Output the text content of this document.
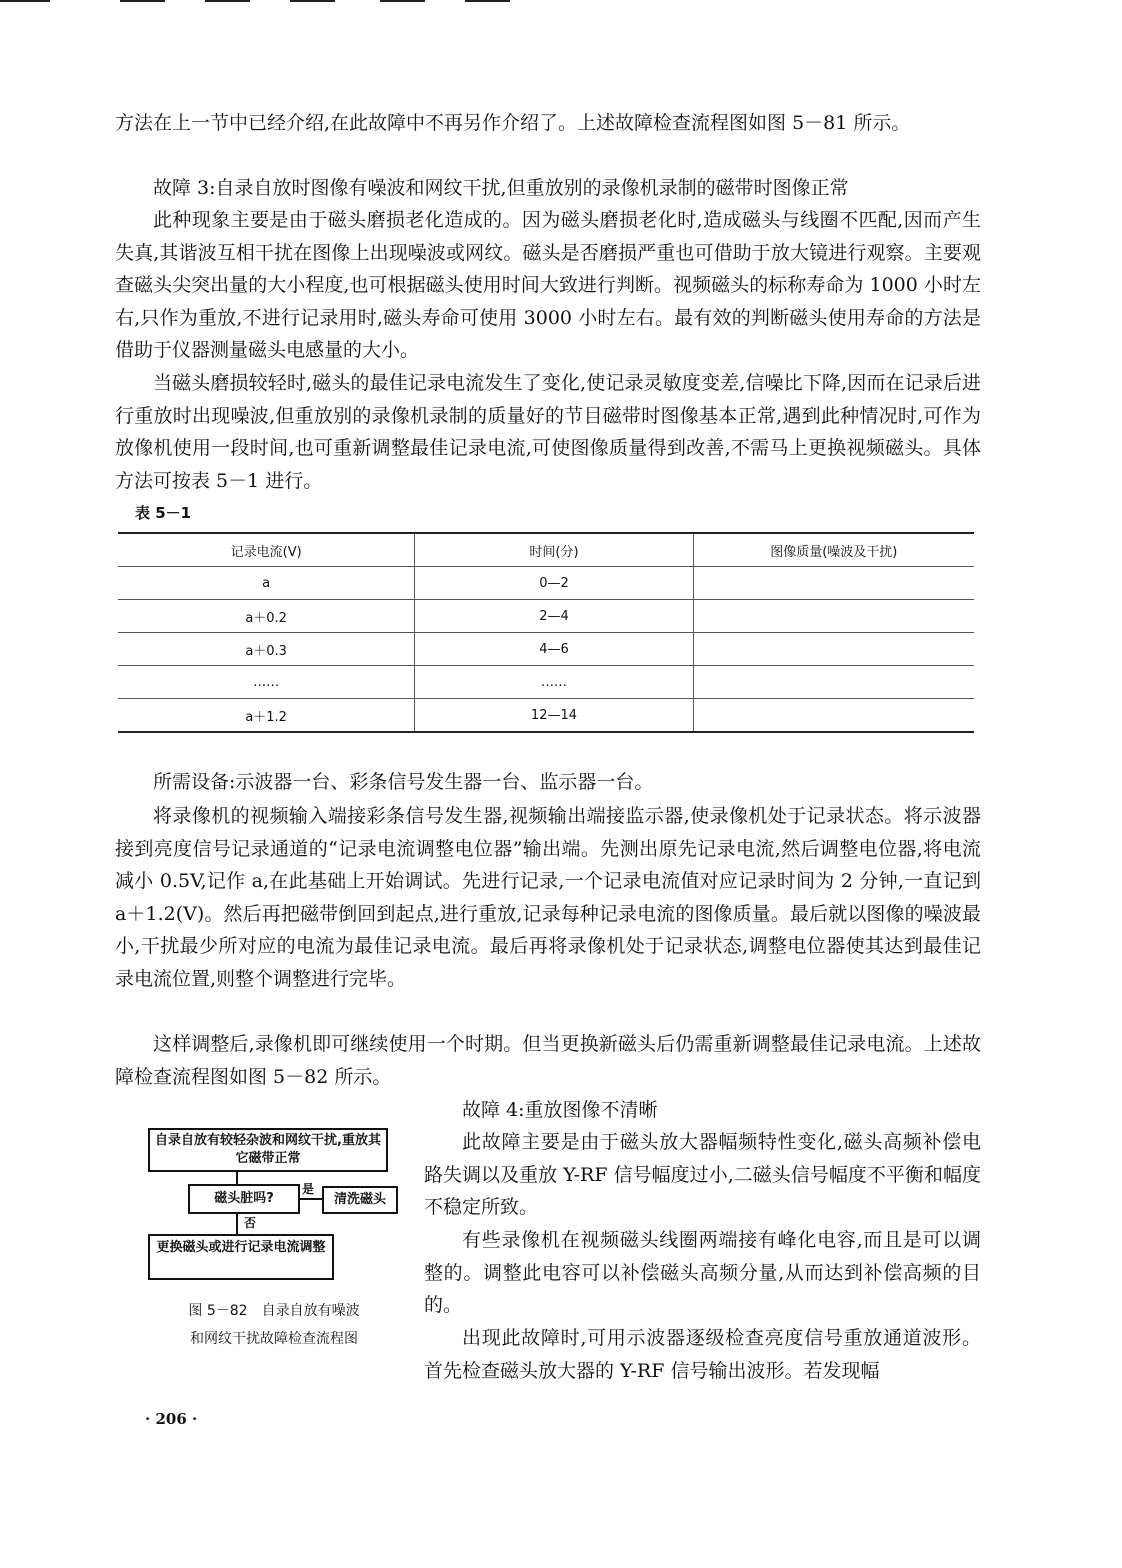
方法在上一节中已经介绍,在此故障中不再另作介绍了。上述故障检查流程图如图 5－81 所示。

故障 3:自录自放时图像有噪波和网纹干扰,但重放别的录像机录制的磁带时图像正常

此种现象主要是由于磁头磨损老化造成的。因为磁头磨损老化时,造成磁头与线圈不匹配,因而产生失真,其谐波互相干扰在图像上出现噪波或网纹。磁头是否磨损严重也可借助于放大镜进行观察。主要观查磁头尖突出量的大小程度,也可根据磁头使用时间大致进行判断。视频磁头的标称寿命为 1000 小时左右,只作为重放,不进行记录用时,磁头寿命可使用 3000 小时左右。最有效的判断磁头使用寿命的方法是借助于仪器测量磁头电感量的大小。

当磁头磨损较轻时,磁头的最佳记录电流发生了变化,使记录灵敏度变差,信噪比下降,因而在记录后进行重放时出现噪波,但重放别的录像机录制的质量好的节目磁带时图像基本正常,遇到此种情况时,可作为放像机使用一段时间,也可重新调整最佳记录电流,可使图像质量得到改善,不需马上更换视频磁头。具体方法可按表 5－1 进行。

表 5－1
记录电流(V)	时间(分)	图像质量(噪波及干扰)
a	0—2	
a＋0.2	2—4	
a＋0.3	4—6	
……	……	
a＋1.2	12—14	

所需设备:示波器一台、彩条信号发生器一台、监示器一台。

将录像机的视频输入端接彩条信号发生器,视频输出端接监示器,使录像机处于记录状态。将示波器接到亮度信号记录通道的“记录电流调整电位器”输出端。先测出原先记录电流,然后调整电位器,将电流减小 0.5V,记作 a,在此基础上开始调试。先进行记录,一个记录电流值对应记录时间为 2 分钟,一直记到 a＋1.2(V)。然后再把磁带倒回到起点,进行重放,记录每种记录电流的图像质量。最后就以图像的噪波最小,干扰最少所对应的电流为最佳记录电流。最后再将录像机处于记录状态,调整电位器使其达到最佳记录电流位置,则整个调整进行完毕。

这样调整后,录像机即可继续使用一个时期。但当更换新磁头后仍需重新调整最佳记录电流。上述故障检查流程图如图 5－82 所示。

自录自放有较轻杂波和网纹干扰,重放其它磁带正常
磁头脏吗?
是
清洗磁头
否
更换磁头或进行记录电流调整
图 5－82　自录自放有噪波
和网纹干扰故障检查流程图

故障 4:重放图像不清晰

此故障主要是由于磁头放大器幅频特性变化,磁头高频补偿电路失调以及重放 Y-RF 信号幅度过小,二磁头信号幅度不平衡和幅度不稳定所致。

有些录像机在视频磁头线圈两端接有峰化电容,而且是可以调整的。调整此电容可以补偿磁头高频分量,从而达到补偿高频的目的。

出现此故障时,可用示波器逐级检查亮度信号重放通道波形。首先检查磁头放大器的 Y-RF 信号输出波形。若发现幅

· 206 ·
